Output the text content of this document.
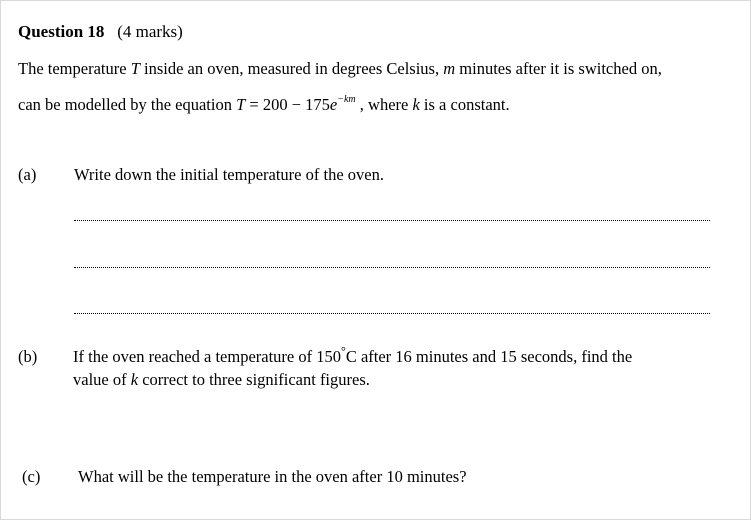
Question 18 (4 marks)
The temperature T inside an oven, measured in degrees Celsius, m minutes after it is switched on,
can be modelled by the equation $T = 200 - 175e^{-km}$ , where k is a constant.
(a) Write down the initial temperature of the oven.
(b) If the oven reached a temperature of 150°C after 16 minutes and 15 seconds, find the
value of k correct to three significant figures.
(c) What will be the temperature in the oven after 10 minutes?
